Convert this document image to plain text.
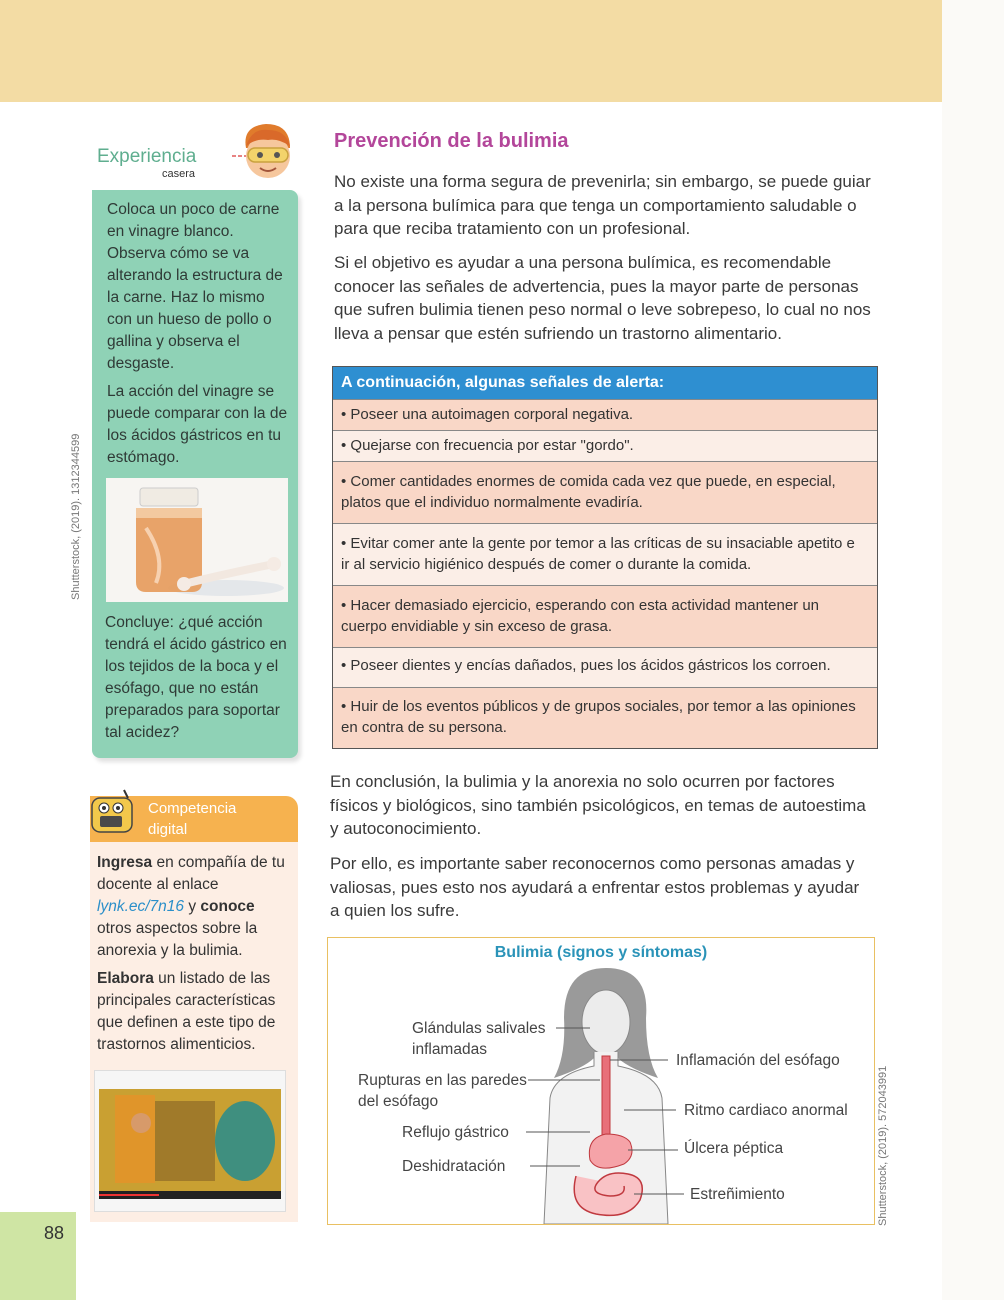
Shutterstock, (2019). 1312344599
Shutterstock, (2019). 572043991
Experiencia
casera
Coloca un poco de carne en vinagre blanco. Observa cómo se va alterando la estructura de la carne. Haz lo mismo con un hueso de pollo o gallina y observa el desgaste.
La acción del vinagre se puede comparar con la de los ácidos gástricos en tu estómago.
Concluye: ¿qué acción tendrá el ácido gástrico en los tejidos de la boca y el esófago, que no están preparados para soportar tal acidez?
Competencia
digital
Ingresa en compañía de tu docente al enlace lynk.ec/7n16 y conoce otros aspectos sobre la anorexia y la bulimia.
Elabora un listado de las principales características que definen a este tipo de trastornos alimenticios.
Prevención de la bulimia
No existe una forma segura de prevenirla; sin embargo, se puede guiar a la persona bulímica para que tenga un comportamiento saludable o para que reciba tratamiento con un profesional.
Si el objetivo es ayudar a una persona bulímica, es recomendable conocer las señales de advertencia, pues la mayor parte de personas que sufren bulimia tienen peso normal o leve sobrepeso, lo cual no nos lleva a pensar que estén sufriendo un trastorno alimentario.
A continuación, algunas señales de alerta:
• Poseer una autoimagen corporal negativa.
• Quejarse con frecuencia por estar "gordo".
• Comer cantidades enormes de comida cada vez que puede, en especial, platos que el individuo normalmente evadiría.
• Evitar comer ante la gente por temor a las críticas de su insaciable apetito e ir al servicio higiénico después de comer o durante la comida.
• Hacer demasiado ejercicio, esperando con esta actividad mantener un cuerpo envidiable y sin exceso de grasa.
• Poseer dientes y encías dañados, pues los ácidos gástricos los corroen.
• Huir de los eventos públicos y de grupos sociales, por temor a las opiniones en contra de su persona.
En conclusión, la bulimia y la anorexia no solo ocurren por factores físicos y biológicos, sino también psicológicos, en temas de autoestima y autoconocimiento.
Por ello, es importante saber reconocernos como personas amadas y valiosas, pues esto nos ayudará a enfrentar estos problemas y ayudar a quien los sufre.
Bulimia (signos y síntomas)
Glándulas salivales inflamadas
Rupturas en las paredes del esófago
Reflujo gástrico
Deshidratación
Inflamación del esófago
Ritmo cardiaco anormal
Úlcera péptica
Estreñimiento
88
